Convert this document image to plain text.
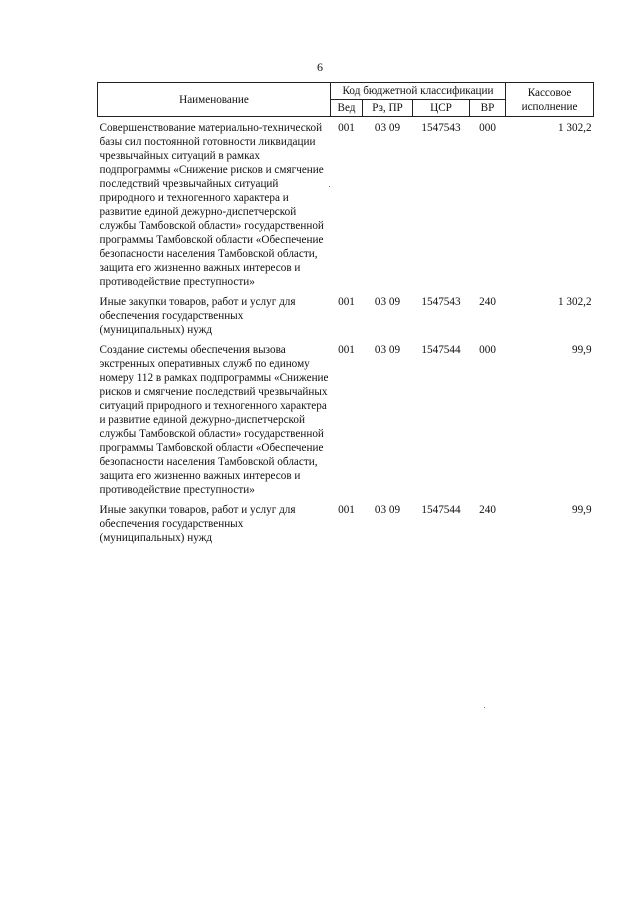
6
Наименование	Код бюджетной классификации				Кассовое исполнение
	Вед	Рз, ПР	ЦСР	ВР	
Совершенствование материально-технической базы сил постоянной готовности ликвидации чрезвычайных ситуаций в рамках подпрограммы «Снижение рисков и смягчение последствий чрезвычайных ситуаций природного и техногенного характера и развитие единой дежурно-диспетчерской службы Тамбовской области» государственной программы Тамбовской области «Обеспечение безопасности населения Тамбовской области, защита его жизненно важных интересов и противодействие преступности»	001	03 09	1547543	000	1 302,2
Иные закупки товаров, работ и услуг для обеспечения государственных (муниципальных) нужд	001	03 09	1547543	240	1 302,2
Создание системы обеспечения вызова экстренных оперативных служб по единому номеру 112 в рамках подпрограммы «Снижение рисков и смягчение последствий чрезвычайных ситуаций природного и техногенного характера и развитие единой дежурно-диспетчерской службы Тамбовской области» государственной программы Тамбовской области «Обеспечение безопасности населения Тамбовской области, защита его жизненно важных интересов и противодействие преступности»	001	03 09	1547544	000	99,9
Иные закупки товаров, работ и услуг для обеспечения государственных (муниципальных) нужд	001	03 09	1547544	240	99,9
